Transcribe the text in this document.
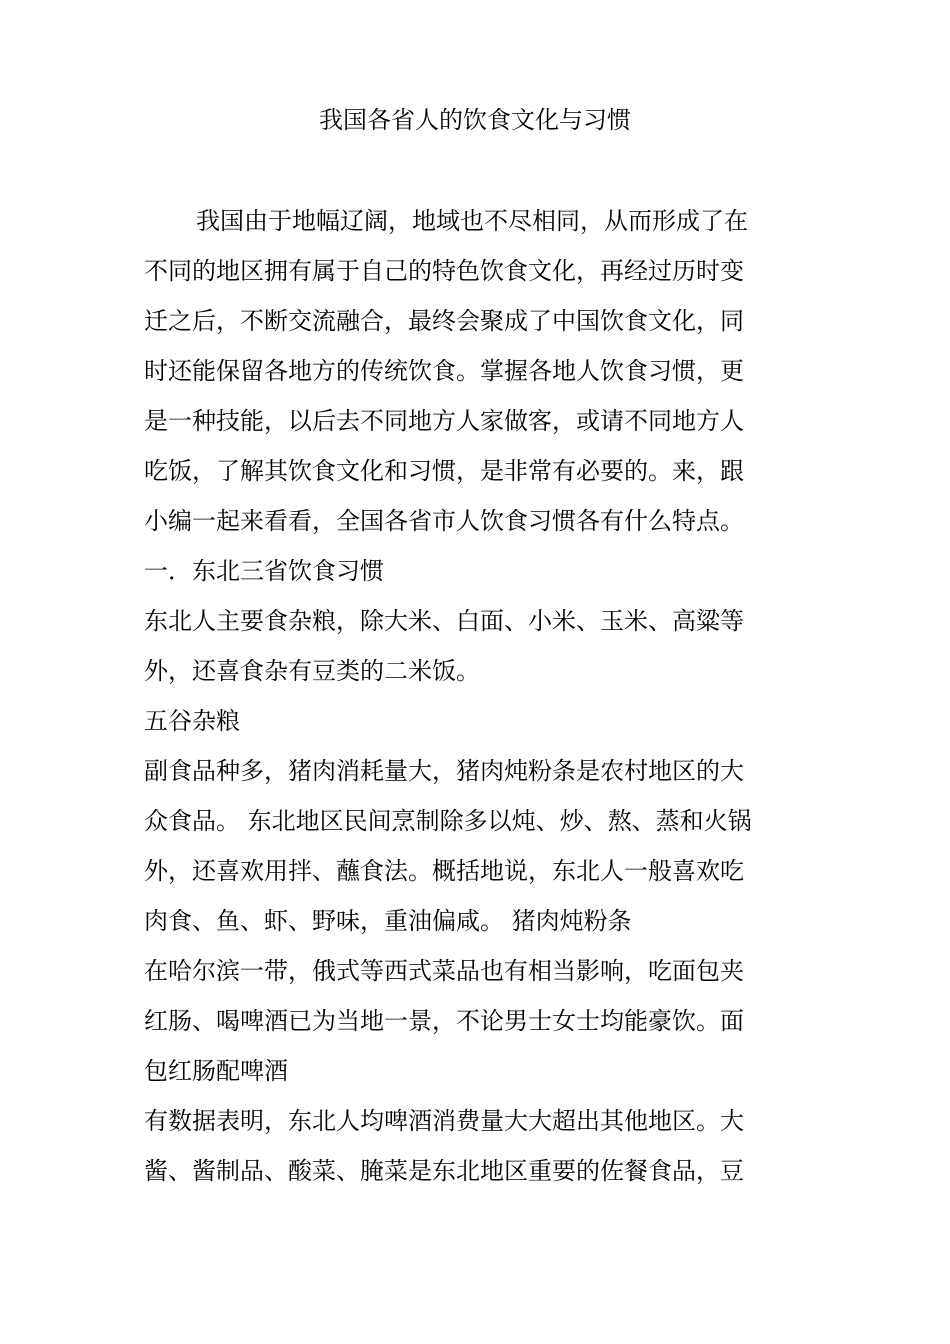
我国各省人的饮食文化与习惯
我国由于地幅辽阔，地域也不尽相同，从而形成了在
不同的地区拥有属于自己的特色饮食文化，再经过历时变
迁之后，不断交流融合，最终会聚成了中国饮食文化，同
时还能保留各地方的传统饮食。掌握各地人饮食习惯，更
是一种技能，以后去不同地方人家做客，或请不同地方人
吃饭，了解其饮食文化和习惯，是非常有必要的。来，跟
小编一起来看看，全国各省市人饮食习惯各有什么特点。
一．东北三省饮食习惯
东北人主要食杂粮，除大米、白面、小米、玉米、高粱等
外，还喜食杂有豆类的二米饭。
五谷杂粮
副食品种多，猪肉消耗量大，猪肉炖粉条是农村地区的大
众食品。 东北地区民间烹制除多以炖、炒、熬、蒸和火锅
外，还喜欢用拌、蘸食法。概括地说，东北人一般喜欢吃
肉食、鱼、虾、野味，重油偏咸。 猪肉炖粉条
在哈尔滨一带，俄式等西式菜品也有相当影响，吃面包夹
红肠、喝啤酒已为当地一景，不论男士女士均能豪饮。面
包红肠配啤酒
有数据表明，东北人均啤酒消费量大大超出其他地区。大
酱、酱制品、酸菜、腌菜是东北地区重要的佐餐食品，豆
